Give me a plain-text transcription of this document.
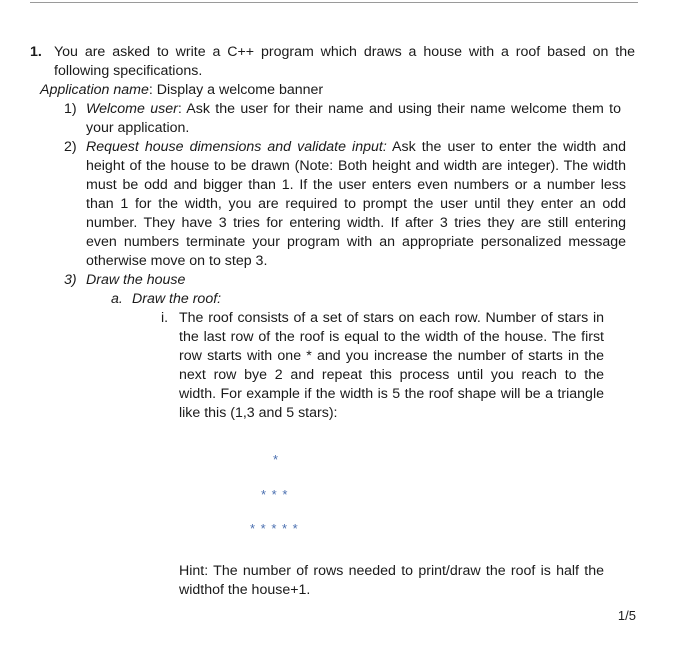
1. You are asked to write a C++ program which draws a house with a roof based on the
following specifications.
Application name: Display a welcome banner
1) Welcome user: Ask the user for their name and using their name welcome them to
your application.
2) Request house dimensions and validate input: Ask the user to enter the width and
height of the house to be drawn (Note: Both height and width are integer). The width
must be odd and bigger than 1. If the user enters even numbers or a number less
than 1 for the width, you are required to prompt the user until they enter an odd
number. They have 3 tries for entering width. If after 3 tries they are still entering
even numbers terminate your program with an appropriate personalized message
otherwise move on to step 3.
3) Draw the house
a. Draw the roof:
i. The roof consists of a set of stars on each row. Number of stars in
the last row of the roof is equal to the width of the house. The first
row starts with one * and you increase the number of starts in the
next row bye 2 and repeat this process until you reach to the
width. For example if the width is 5 the roof shape will be a triangle
like this (1,3 and 5 stars):
*
* * *
* * * * *
Hint: The number of rows needed to print/draw the roof is half the
widthof the house+1.
1/5
